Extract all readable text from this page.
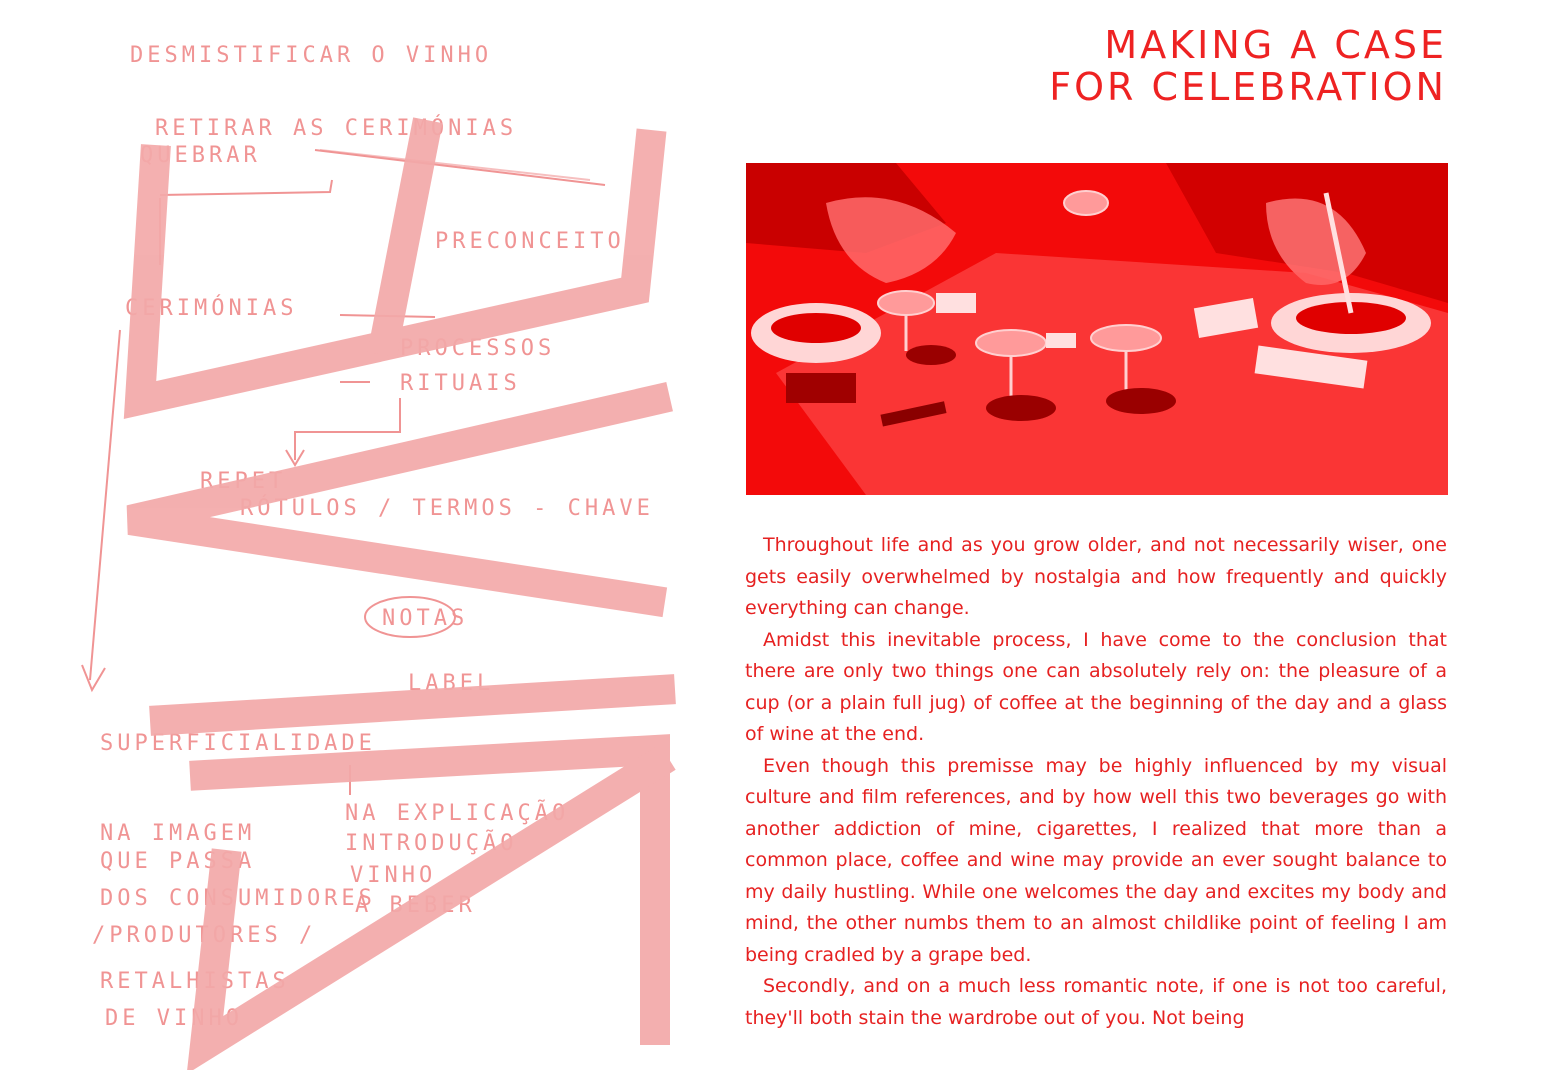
DESMISTIFICAR O VINHO
RETIRAR AS CERIMÓNIAS
QUEBRAR
PRECONCEITO
CERIMÓNIAS
PROCESSOS
RITUAIS
REPET
RÓTULOS / TERMOS - CHAVE
NOTAS
LABEL
SUPERFICIALIDADE
NA IMAGEM
QUE PASSA
DOS CONSUMIDORES
/PRODUTORES /
RETALHISTAS
DE VINHO
NA EXPLICAÇÃO
INTRODUÇÃO
VINHO
A BEBER
MAKING A CASE
FOR CELEBRATION

Throughout life and as you grow older, and not necessarily wiser, one gets easily overwhelmed by nostalgia and how frequently and quickly everything can change.

Amidst this inevitable process, I have come to the conclusion that there are only two things one can absolutely rely on: the pleasure of a cup (or a plain full jug) of coffee at the beginning of the day and a glass of wine at the end.

Even though this premisse may be highly influenced by my visual culture and film references, and by how well this two beverages go with another addiction of mine, cigarettes, I realized that more than a common place, coffee and wine may provide an ever sought balance to my daily hustling. While one welcomes the day and excites my body and mind, the other numbs them to an almost childlike point of feeling I am being cradled by a grape bed.

Secondly, and on a much less romantic note, if one is not too careful, they'll both stain the wardrobe out of you. Not being
